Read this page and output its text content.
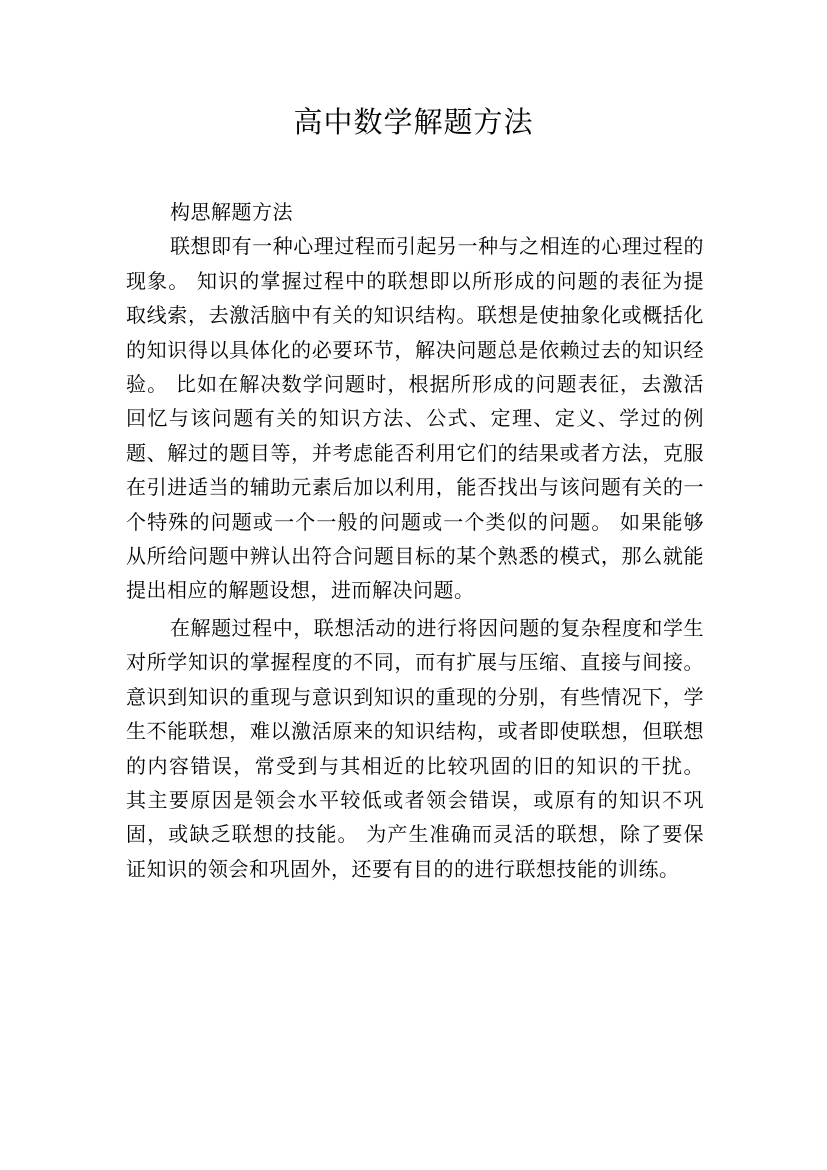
高中数学解题方法
构思解题方法

联想即有一种心理过程而引起另一种与之相连的心理过程的现象。 知识的掌握过程中的联想即以所形成的问题的表征为提取线索，去激活脑中有关的知识结构。联想是使抽象化或概括化的知识得以具体化的必要环节，解决问题总是依赖过去的知识经验。 比如在解决数学问题时，根据所形成的问题表征，去激活回忆与该问题有关的知识方法、公式、定理、定义、学过的例题、解过的题目等，并考虑能否利用它们的结果或者方法，克服在引进适当的辅助元素后加以利用，能否找出与该问题有关的一个特殊的问题或一个一般的问题或一个类似的问题。 如果能够从所给问题中辨认出符合问题目标的某个熟悉的模式，那么就能提出相应的解题设想，进而解决问题。

在解题过程中，联想活动的进行将因问题的复杂程度和学生对所学知识的掌握程度的不同，而有扩展与压缩、直接与间接。意识到知识的重现与意识到知识的重现的分别，有些情况下，学生不能联想，难以激活原来的知识结构，或者即使联想，但联想的内容错误，常受到与其相近的比较巩固的旧的知识的干扰。 其主要原因是领会水平较低或者领会错误，或原有的知识不巩固，或缺乏联想的技能。 为产生准确而灵活的联想，除了要保证知识的领会和巩固外，还要有目的的进行联想技能的训练。
